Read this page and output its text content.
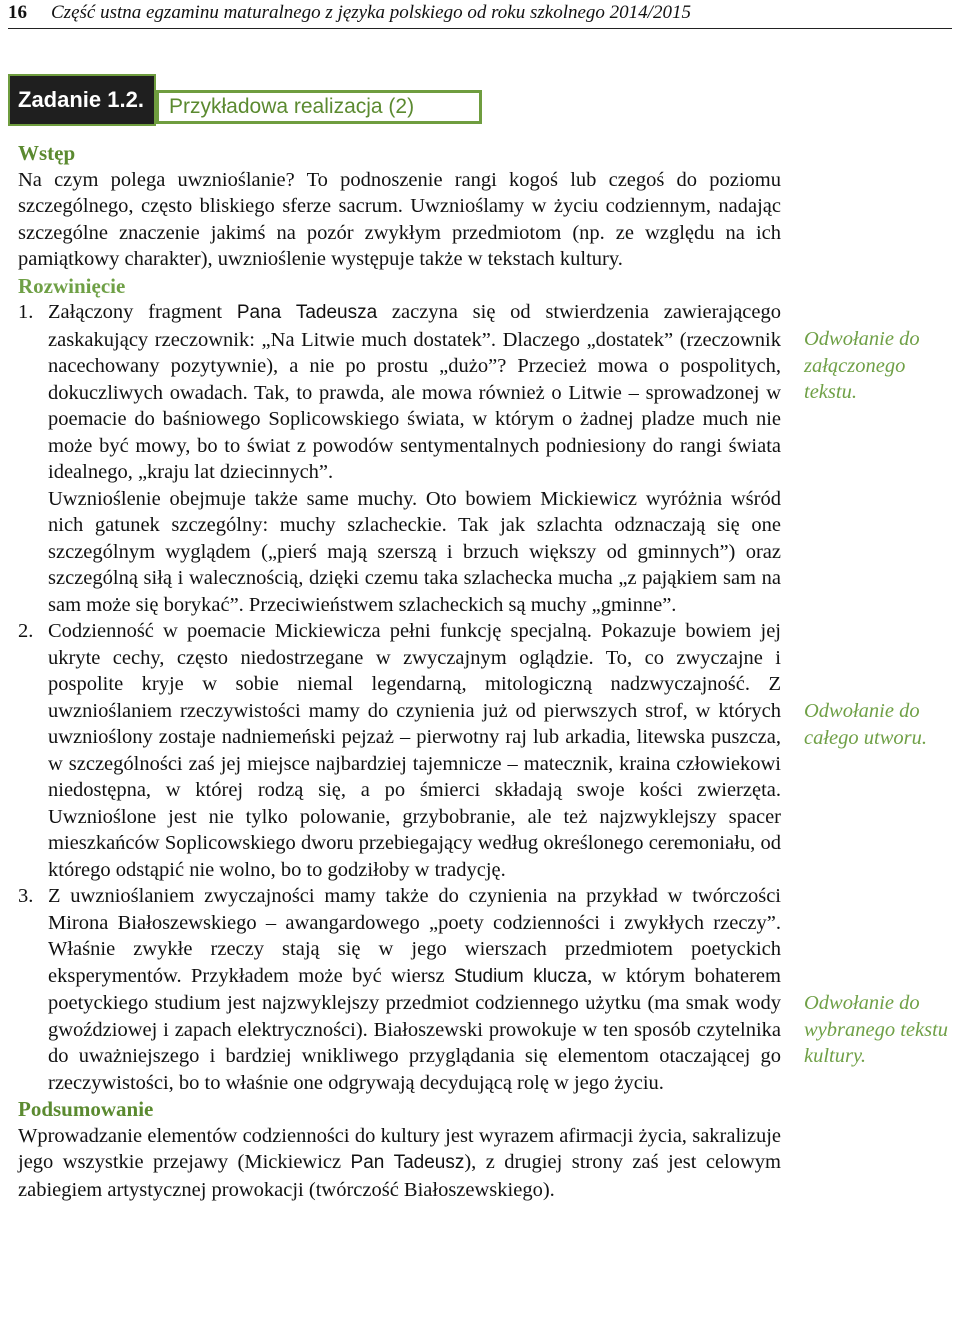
16 Część ustna egzaminu maturalnego z języka polskiego od roku szkolnego 2014/2015
Zadanie 1.2.	Przykładowa realizacja (2)
Wstęp

Na czym polega uwznioślanie? To podnoszenie rangi kogoś lub czegoś do poziomu szczególnego, często bliskiego sferze sacrum. Uwznioślamy w życiu codziennym, nadając szczególne znaczenie jakimś na pozór zwykłym przedmiotom (np. ze względu na ich pamiątkowy charakter), uwznioślenie występuje także w tekstach kultury.

Rozwinięcie
1. Załączony fragment Pana Tadeusza zaczyna się od stwierdzenia zawierającego zaskakujący rzeczownik: „Na Litwie much dostatek”. Dlaczego „dostatek” (rzeczownik nacechowany pozytywnie), a nie po prostu „dużo”? Przecież mowa o pospolitych, dokuczliwych owadach. Tak, to prawda, ale mowa również o Litwie – sprowadzonej w poemacie do baśniowego Soplicowskiego świata, w którym o żadnej pladze much nie może być mowy, bo to świat z powodów sentymentalnych podniesiony do rangi świata idealnego, „kraju lat dziecinnych”.

Uwznioślenie obejmuje także same muchy. Oto bowiem Mickiewicz wyróżnia wśród nich gatunek szczególny: muchy szlacheckie. Tak jak szlachta odznaczają się one szczególnym wyglądem („pierś mają szerszą i brzuch większy od gminnych”) oraz szczególną siłą i walecznością, dzięki czemu taka szlachecka mucha „z pająkiem sam na sam może się borykać”. Przeciwieństwem szlacheckich są muchy „gminne”.

2. Codzienność w poemacie Mickiewicza pełni funkcję specjalną. Pokazuje bowiem jej ukryte cechy, często niedostrzegane w zwyczajnym oglądzie. To, co zwyczajne i pospolite kryje w sobie niemal legendarną, mitologiczną nadzwyczajność. Z uwznioślaniem rzeczywistości mamy do czynienia już od pierwszych strof, w których uwznioślony zostaje nadniemeński pejzaż – pierwotny raj lub arkadia, litewska puszcza, w szczególności zaś jej miejsce najbardziej tajemnicze – matecznik, kraina człowiekowi niedostępna, w której rodzą się, a po śmierci składają swoje kości zwierzęta. Uwznioślone jest nie tylko polowanie, grzybobranie, ale też najzwyklejszy spacer mieszkańców Soplicowskiego dworu przebiegający według określonego ceremoniału, od którego odstąpić nie wolno, bo to godziłoby w tradycję.

3. Z uwznioślaniem zwyczajności mamy także do czynienia na przykład w twórczości Mirona Białoszewskiego – awangardowego „poety codzienności i zwykłych rzeczy”. Właśnie zwykłe rzeczy stają się w jego wierszach przedmiotem poetyckich eksperymentów. Przykładem może być wiersz Studium klucza, w którym bohaterem poetyckiego studium jest najzwyklejszy przedmiot codziennego użytku (ma smak wody gwoździowej i zapach elektryczności). Białoszewski prowokuje w ten sposób czytelnika do uważniejszego i bardziej wnikliwego przyglądania się elementom otaczającej go rzeczywistości, bo to właśnie one odgrywają decydującą rolę w jego życiu.

Podsumowanie

Wprowadzanie elementów codzienności do kultury jest wyrazem afirmacji życia, sakralizuje jego wszystkie przejawy (Mickiewicz Pan Tadeusz), z drugiej strony zaś jest celowym zabiegiem artystycznej prowokacji (twórczość Białoszewskiego).

Odwołanie do załączonego tekstu.
Odwołanie do całego utworu.
Odwołanie do wybranego tekstu kultury.
